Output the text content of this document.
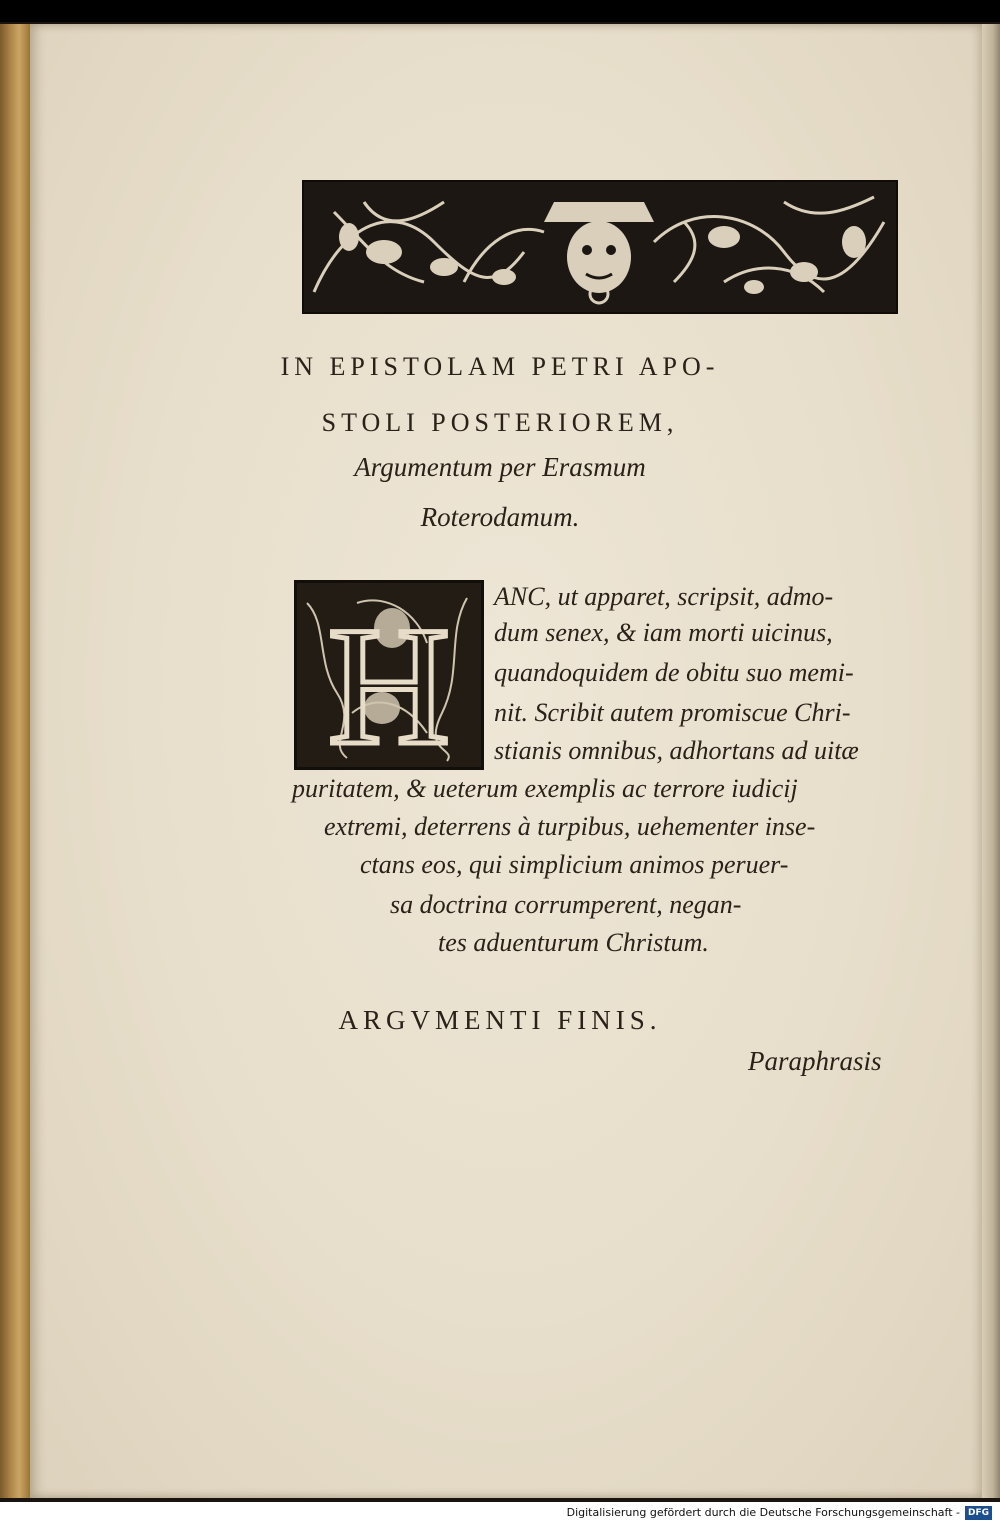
IN EPISTOLAM PETRI APO-
STOLI POSTERIOREM,
Argumentum per Erasmum
Roterodamum.
H ANC, ut apparet, scripsit, admo-
dum senex, & iam morti uicinus,
quandoquidem de obitu suo memi-
nit. Scribit autem promiscue Chri-
stianis omnibus, adhortans ad uitæ
puritatem, & ueterum exemplis ac terrore iudicij
extremi, deterrens à turpibus, uehementer inse-
ctans eos, qui simplicium animos peruer-
sa doctrina corrumperent, negan-
tes aduenturum Christum.
ARGVMENTI FINIS.
Paraphrasis
Digitalisierung gefördert durch die Deutsche Forschungsgemeinschaft - DFG
